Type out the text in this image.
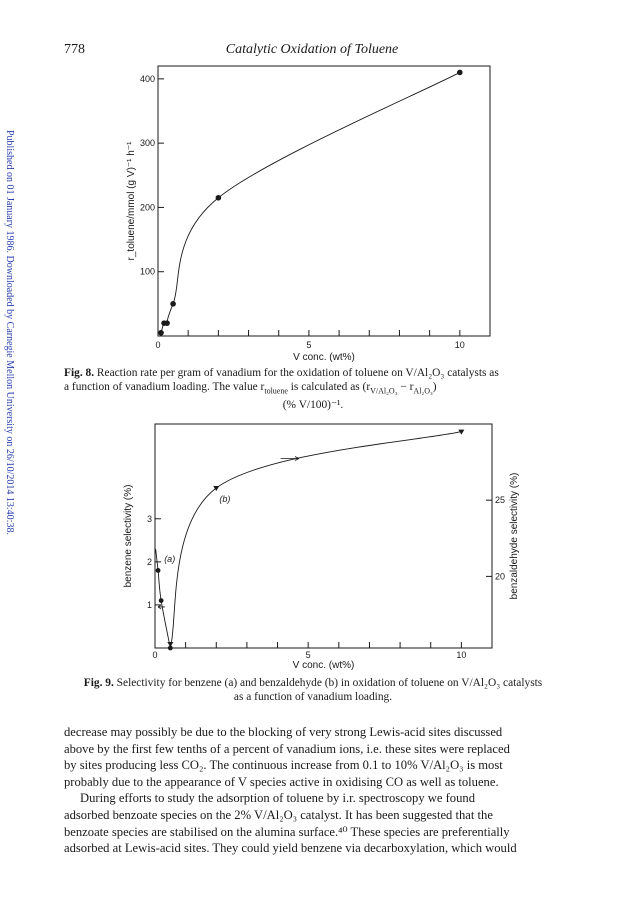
778	Catalytic Oxidation of Toluene
Published on 01 January 1986. Downloaded by Carnegie Mellon University on 26/10/2014 13:40:38.	0	5	10
100
200
300
400
V conc. (wt%)
r_toluene/mmol (g V)⁻¹ h⁻¹
0	5	10
1
2
3
20
25
V conc. (wt%)
benzene selectivity (%)	benzaldehyde selectivity (%)
(a)
(b)
Fig. 8. Reaction rate per gram of vanadium for the oxidation of toluene on V/Al₂O₃ catalysts as
a function of vanadium loading. The value $r_{toluene}$ is calculated as $(r_{V/Al_2O_3} - r_{Al_2O_3})$

(% V/100)⁻¹.
Fig. 9. Selectivity for benzene (a) and benzaldehyde (b) in oxidation of toluene on V/Al₂O₃ catalysts
as a function of vanadium loading.
decrease may possibly be due to the blocking of very strong Lewis-acid sites discussed
above by the first few tenths of a percent of vanadium ions, i.e. these sites were replaced
by sites producing less CO₂. The continuous increase from 0.1 to 10% V/Al₂O₃ is most
probably due to the appearance of V species active in oxidising CO as well as toluene.
During efforts to study the adsorption of toluene by i.r. spectroscopy we found
adsorbed benzoate species on the 2% V/Al₂O₃ catalyst. It has been suggested that the
benzoate species are stabilised on the alumina surface.⁴⁰ These species are preferentially
adsorbed at Lewis-acid sites. They could yield benzene via decarboxylation, which would
